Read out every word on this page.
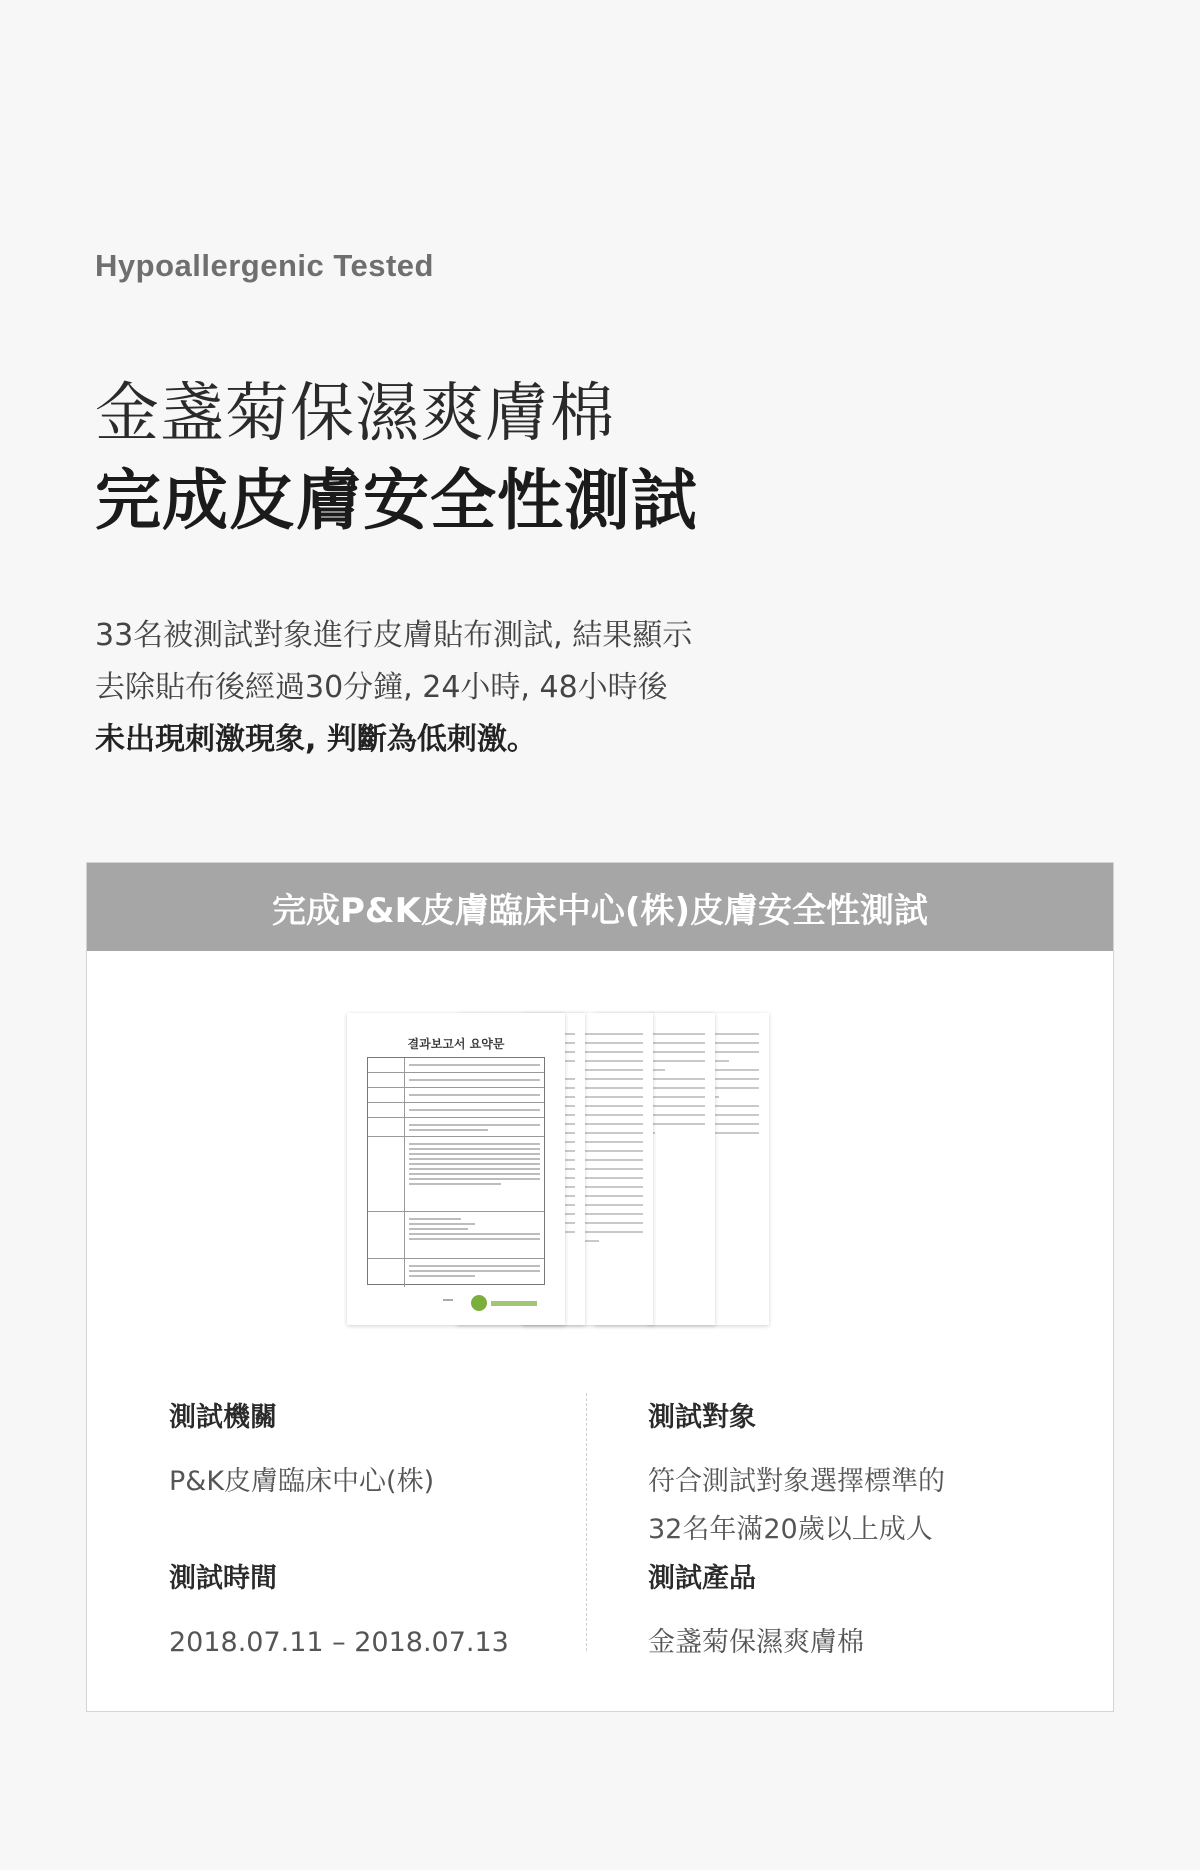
Hypoallergenic Tested
金盞菊保濕爽膚棉
完成皮膚安全性測試
33名被測試對象進行皮膚貼布測試, 結果顯示
去除貼布後經過30分鐘, 24小時, 48小時後
未出現刺激現象, 判斷為低刺激。
完成P&K皮膚臨床中心(株)皮膚安全性測試
결과보고서 요약문
測試機關
P&K皮膚臨床中心(株)
測試時間
2018.07.11 – 2018.07.13
測試對象
符合測試對象選擇標準的
32名年滿20歲以上成人
測試產品
金盞菊保濕爽膚棉
